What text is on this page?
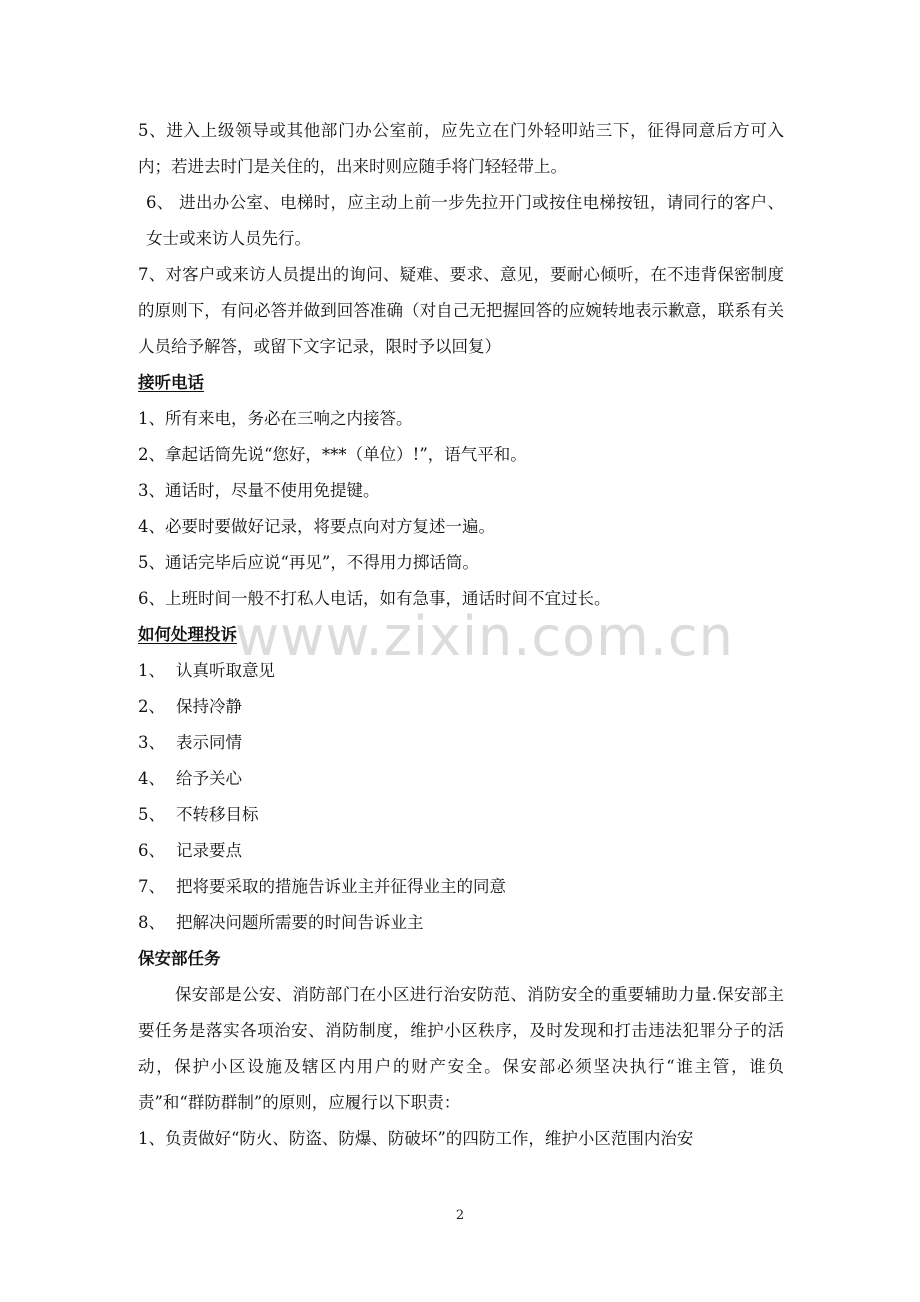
5、进入上级领导或其他部门办公室前，应先立在门外轻叩站三下，征得同意后方可入内；若进去时门是关住的，出来时则应随手将门轻轻带上。

6、 进出办公室、电梯时，应主动上前一步先拉开门或按住电梯按钮，请同行的客户、女士或来访人员先行。

7、对客户或来访人员提出的询问、疑难、要求、意见，要耐心倾听，在不违背保密制度的原则下，有问必答并做到回答准确（对自己无把握回答的应婉转地表示歉意，联系有关人员给予解答，或留下文字记录，限时予以回复）

接听电话

1、所有来电，务必在三响之内接答。

2、拿起话筒先说“您好，***（单位）!”，语气平和。

3、通话时，尽量不使用免提键。

4、必要时要做好记录，将要点向对方复述一遍。

5、通话完毕后应说“再见”，不得用力掷话筒。

6、上班时间一般不打私人电话，如有急事，通话时间不宜过长。

如何处理投诉

1、 认真听取意见

2、 保持冷静

3、 表示同情

4、 给予关心

5、 不转移目标

6、 记录要点

7、 把将要采取的措施告诉业主并征得业主的同意

8、 把解决问题所需要的时间告诉业主

保安部任务

保安部是公安、消防部门在小区进行治安防范、消防安全的重要辅助力量.保安部主要任务是落实各项治安、消防制度，维护小区秩序，及时发现和打击违法犯罪分子的活动，保护小区设施及辖区内用户的财产安全。保安部必须坚决执行“谁主管，谁负责”和“群防群制”的原则，应履行以下职责：

1、负责做好“防火、防盗、防爆、防破坏”的四防工作，维护小区范围内治安

www.zixin.com.cn
2
